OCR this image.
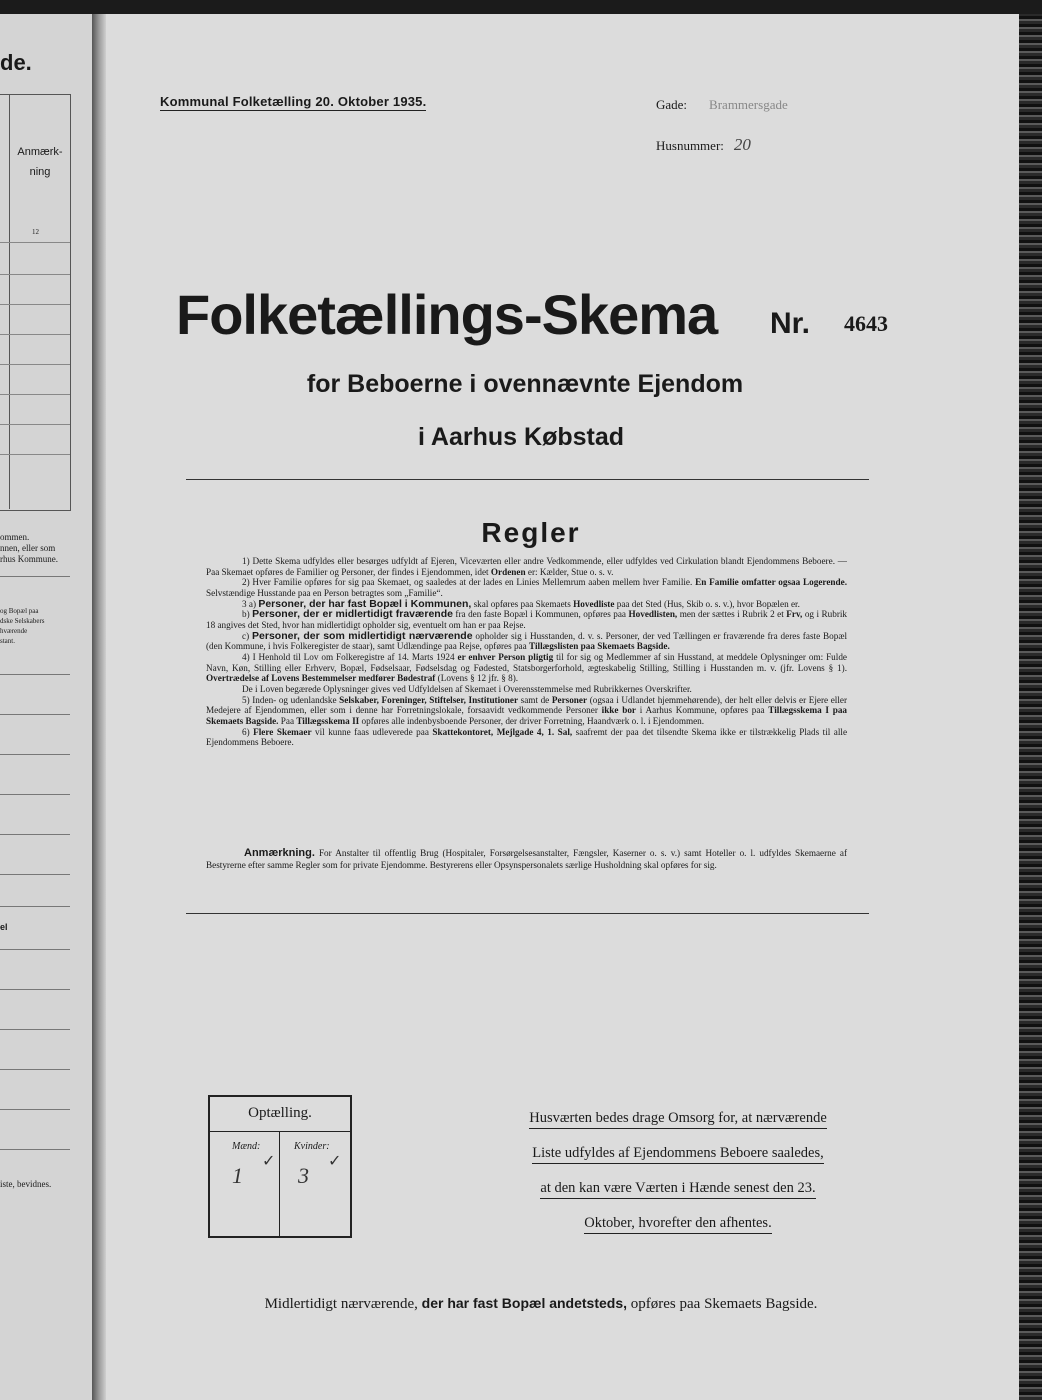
de.
Anmærk-
ning
12
ommen.
nnen, eller som
rhus Kommune.
og Bopæl paa
dske Selskabers
hværende
stant.
el
iste, bevidnes.
Kommunal Folketælling 20. Oktober 1935.	Gade: Brammersgade
Husnummer: 20
Folketællings-Skema Nr. 4643
for Beboerne i ovennævnte Ejendom
i Aarhus Købstad
Regler

1) Dette Skema udfyldes eller besørges udfyldt af Ejeren, Viceværten eller andre Vedkommende, eller udfyldes ved Cirkulation blandt Ejendommens Beboere. — Paa Skemaet opføres de Familier og Personer, der findes i Ejendommen, idet Ordenen er: Kælder, Stue o. s. v.

2) Hver Familie opføres for sig paa Skemaet, og saaledes at der lades en Linies Mellemrum aaben mellem hver Familie. En Familie omfatter ogsaa Logerende. Selvstændige Husstande paa en Person betragtes som „Familie“.

3 a) Personer, der har fast Bopæl i Kommunen, skal opføres paa Skemaets Hovedliste paa det Sted (Hus, Skib o. s. v.), hvor Bopælen er.

b) Personer, der er midlertidigt fraværende fra den faste Bopæl i Kommunen, opføres paa Hovedlisten, men der sættes i Rubrik 2 et Frv, og i Rubrik 18 angives det Sted, hvor han midlertidigt opholder sig, eventuelt om han er paa Rejse.

c) Personer, der som midlertidigt nærværende opholder sig i Husstanden, d. v. s. Personer, der ved Tællingen er fraværende fra deres faste Bopæl (den Kommune, i hvis Folkeregister de staar), samt Udlændinge paa Rejse, opføres paa Tillægslisten paa Skemaets Bagside.

4) I Henhold til Lov om Folkeregistre af 14. Marts 1924 er enhver Person pligtig til for sig og Medlemmer af sin Husstand, at meddele Oplysninger om: Fulde Navn, Køn, Stilling eller Erhverv, Bopæl, Fødselsaar, Fødselsdag og Fødested, Statsborgerforhold, ægteskabelig Stilling, Stilling i Husstanden m. v. (jfr. Lovens § 1). Overtrædelse af Lovens Bestemmelser medfører Bødestraf (Lovens § 12 jfr. § 8).

De i Loven begærede Oplysninger gives ved Udfyldelsen af Skemaet i Overensstemmelse med Rubrikkernes Overskrifter.

5) Inden- og udenlandske Selskaber, Foreninger, Stiftelser, Institutioner samt de Personer (ogsaa i Udlandet hjemmehørende), der helt eller delvis er Ejere eller Medejere af Ejendommen, eller som i denne har Forretningslokale, forsaavidt vedkommende Personer ikke bor i Aarhus Kommune, opføres paa Tillægsskema I paa Skemaets Bagside. Paa Tillægsskema II opføres alle indenbysboende Personer, der driver Forretning, Haandværk o. l. i Ejendommen.

6) Flere Skemaer vil kunne faas udleverede paa Skattekontoret, Mejlgade 4, 1. Sal, saafremt der paa det tilsendte Skema ikke er tilstrækkelig Plads til alle Ejendommens Beboere.

Anmærkning. For Anstalter til offentlig Brug (Hospitaler, Forsørgelsesanstalter, Fængsler, Kaserner o. s. v.) samt Hoteller o. l. udfyldes Skemaerne af Bestyrerne efter samme Regler som for private Ejendomme. Bestyrerens eller Opsynspersonalets særlige Husholdning skal opføres for sig.
Optælling.
Mænd:	Kvinder:
✓	✓
1	3
Husværten bedes drage Omsorg for, at nærværende
Liste udfyldes af Ejendommens Beboere saaledes,
at den kan være Værten i Hænde senest den 23.
Oktober, hvorefter den afhentes.
Midlertidigt nærværende, der har fast Bopæl andetsteds, opføres paa Skemaets Bagside.
